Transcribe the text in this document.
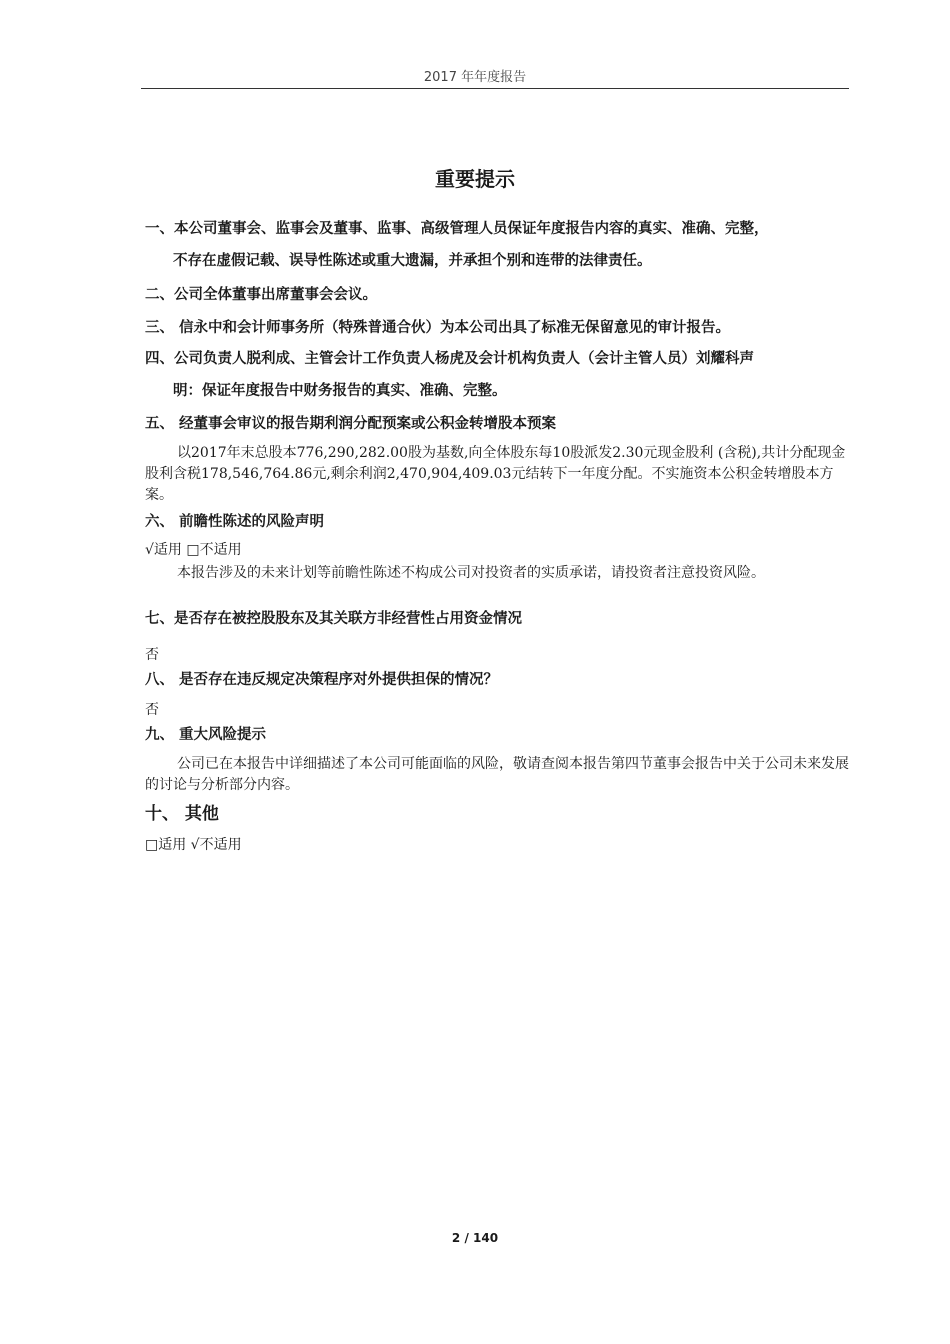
2017 年年度报告
重要提示
一、本公司董事会、监事会及董事、监事、高级管理人员保证年度报告内容的真实、准确、完整，
不存在虚假记载、误导性陈述或重大遗漏，并承担个别和连带的法律责任。
二、公司全体董事出席董事会会议。
三、 信永中和会计师事务所（特殊普通合伙）为本公司出具了标准无保留意见的审计报告。
四、公司负责人脱利成、主管会计工作负责人杨虎及会计机构负责人（会计主管人员）刘耀科声
明：保证年度报告中财务报告的真实、准确、完整。
五、 经董事会审议的报告期利润分配预案或公积金转增股本预案
以2017年末总股本776,290,282.00股为基数,向全体股东每10股派发2.30元现金股利 (含税),共计分配现金股利含税178,546,764.86元,剩余利润2,470,904,409.03元结转下一年度分配。不实施资本公积金转增股本方案。
六、 前瞻性陈述的风险声明
√适用 □不适用
本报告涉及的未来计划等前瞻性陈述不构成公司对投资者的实质承诺，请投资者注意投资风险。
七、是否存在被控股股东及其关联方非经营性占用资金情况
否
八、 是否存在违反规定决策程序对外提供担保的情况？
否
九、 重大风险提示
公司已在本报告中详细描述了本公司可能面临的风险，敬请查阅本报告第四节董事会报告中关于公司未来发展的讨论与分析部分内容。
十、 其他
□适用 √不适用
2 / 140
